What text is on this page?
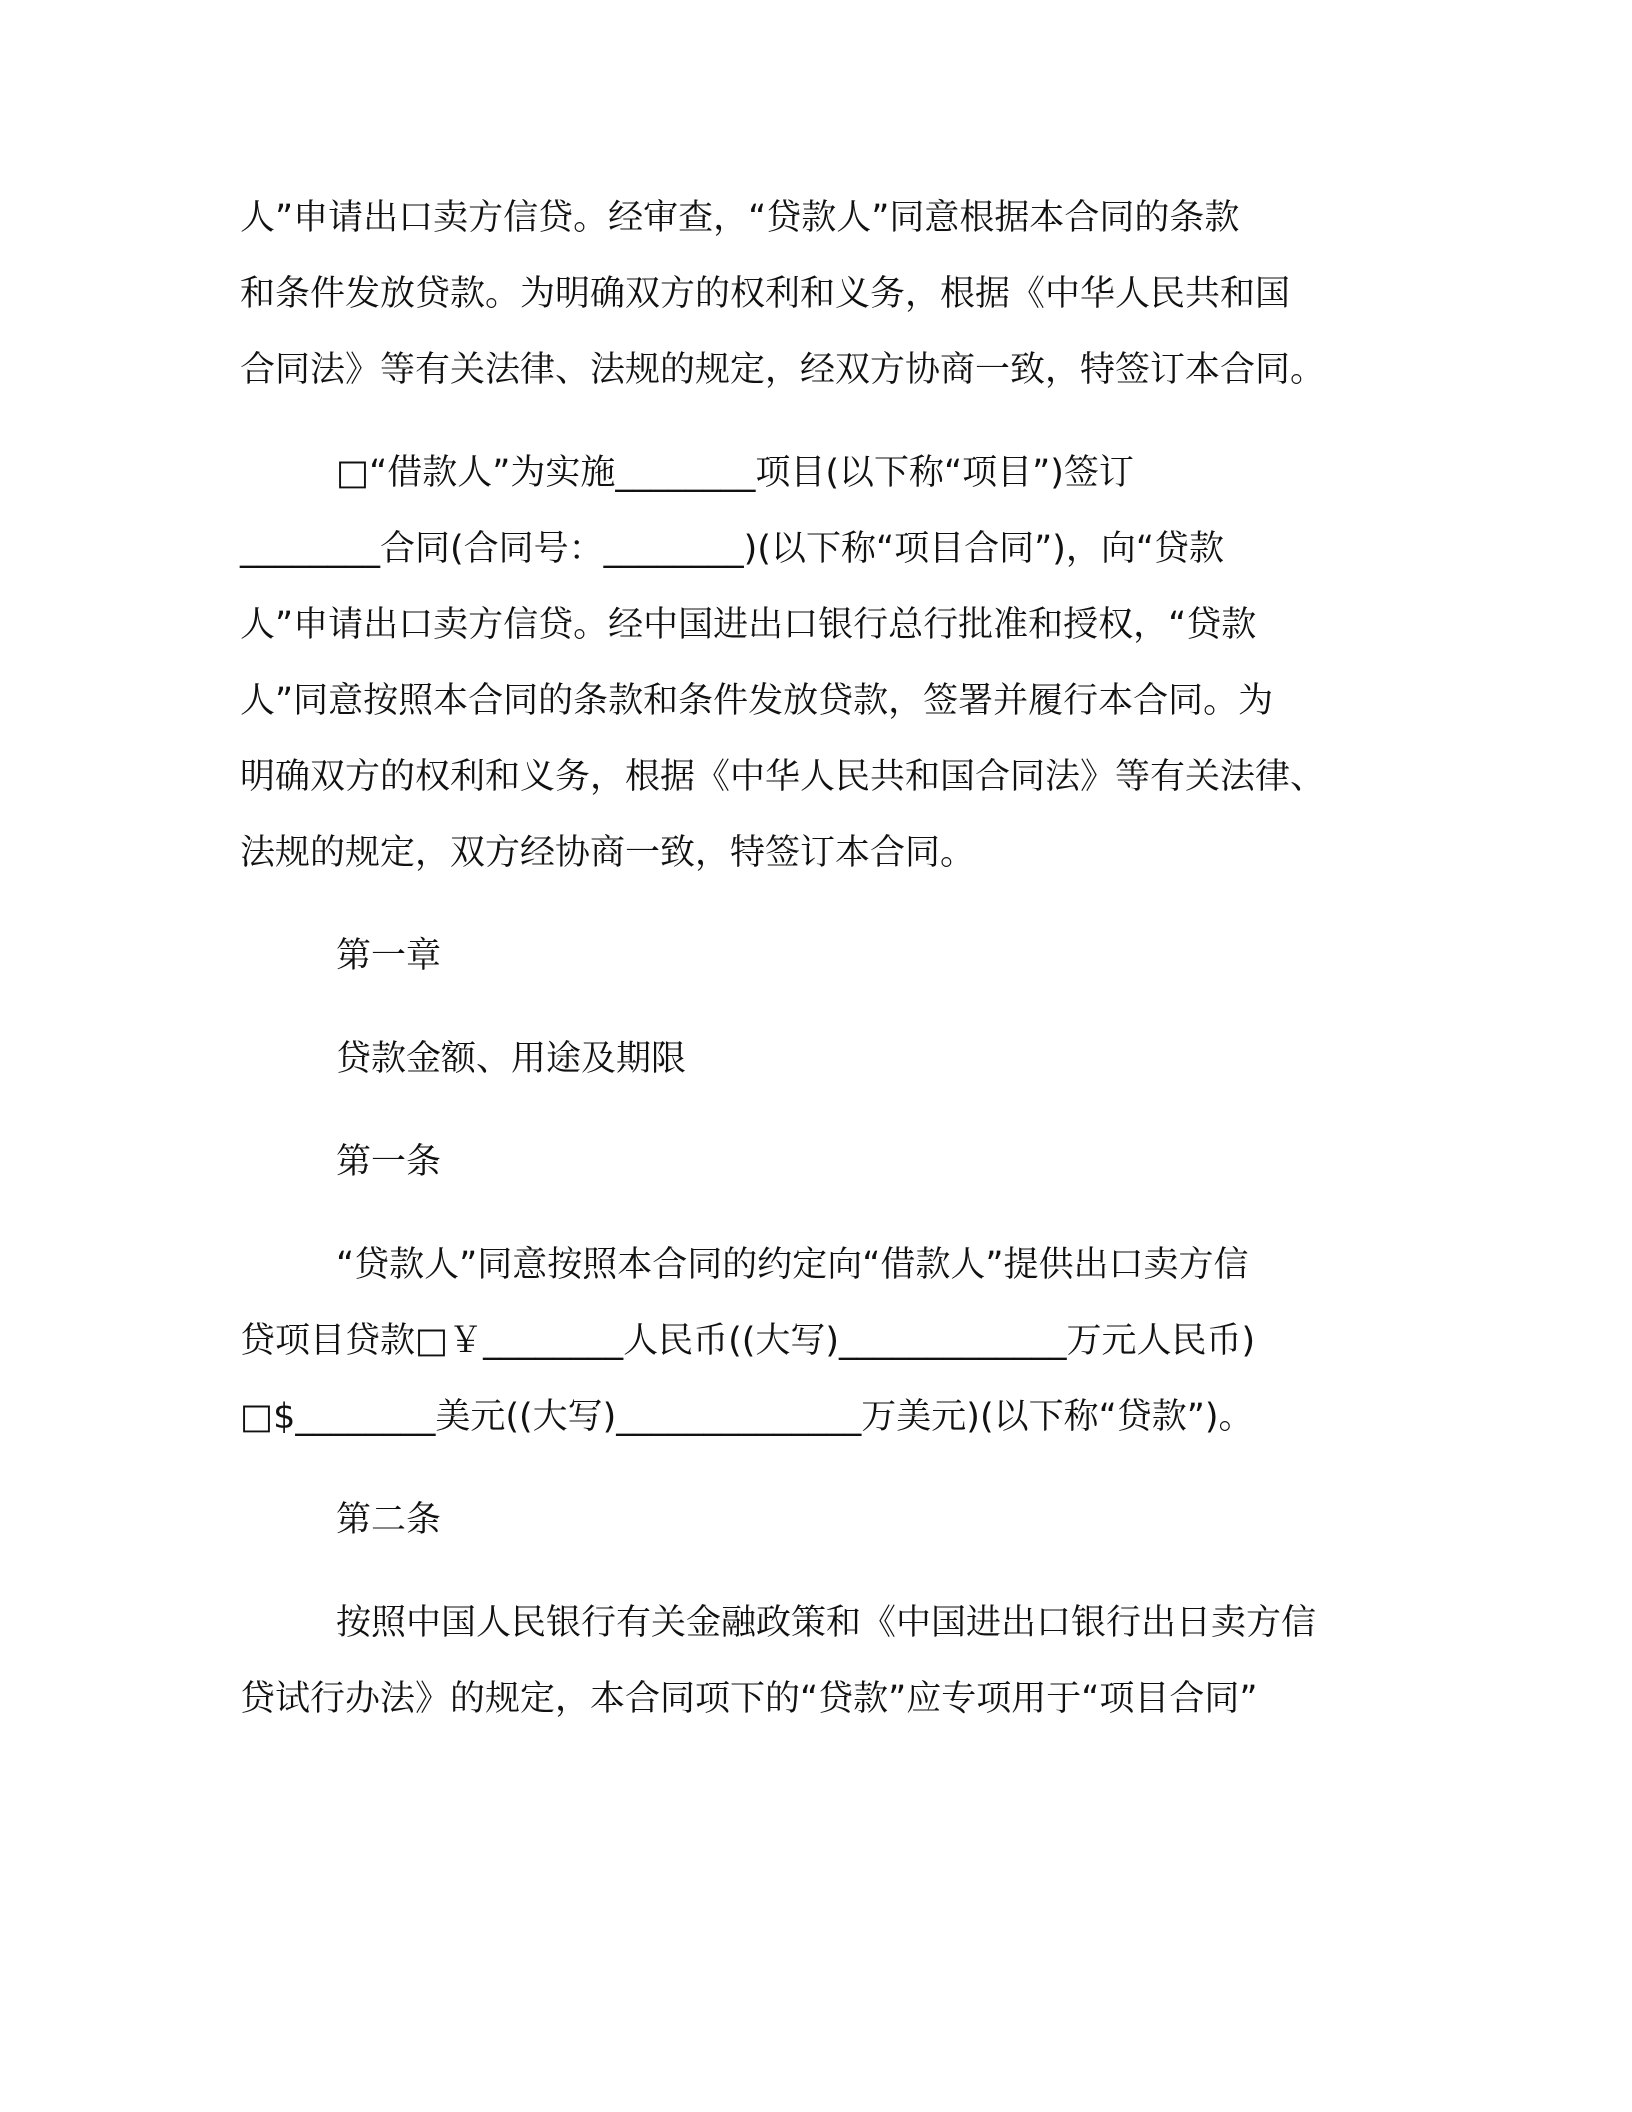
人”申请出口卖方信贷。经审查，“贷款人”同意根据本合同的条款

和条件发放贷款。为明确双方的权利和义务，根据《中华人民共和国

合同法》等有关法律、法规的规定，经双方协商一致，特签订本合同。

□“借款人”为实施________项目(以下称“项目”)签订

________合同(合同号：________)(以下称“项目合同”)，向“贷款

人”申请出口卖方信贷。经中国进出口银行总行批准和授权，“贷款

人”同意按照本合同的条款和条件发放贷款，签署并履行本合同。为

明确双方的权利和义务，根据《中华人民共和国合同法》等有关法律、

法规的规定，双方经协商一致，特签订本合同。

第一章

贷款金额、用途及期限

第一条

“贷款人”同意按照本合同的约定向“借款人”提供出口卖方信

贷项目贷款□￥________人民币((大写)_____________万元人民币)

□$________美元((大写)______________万美元)(以下称“贷款”)。

第二条

按照中国人民银行有关金融政策和《中国进出口银行出日卖方信

贷试行办法》的规定，本合同项下的“贷款”应专项用于“项目合同”
